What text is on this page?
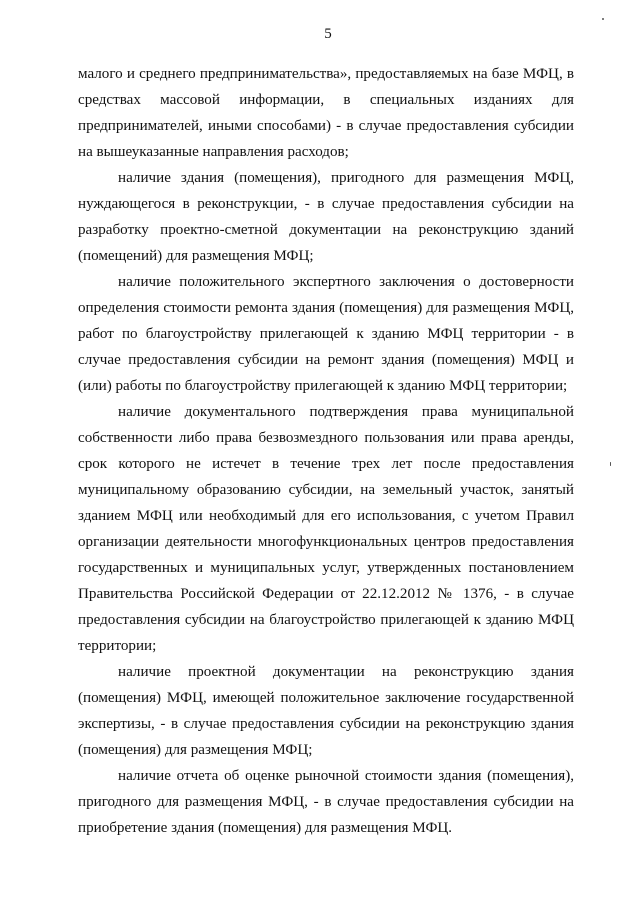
5
малого и среднего предпринимательства», предоставляемых на базе МФЦ, в
средствах массовой информации, в специальных изданиях для
предпринимателей, иными способами) - в случае предоставления субсидии
на вышеуказанные направления расходов;
наличие здания (помещения), пригодного для размещения МФЦ,
нуждающегося в реконструкции, - в случае предоставления субсидии на
разработку проектно-сметной документации на реконструкцию зданий
(помещений) для размещения МФЦ;
наличие положительного экспертного заключения о достоверности
определения стоимости ремонта здания (помещения) для размещения МФЦ,
работ по благоустройству прилегающей к зданию МФЦ территории - в
случае предоставления субсидии на ремонт здания (помещения) МФЦ и
(или) работы по благоустройству прилегающей к зданию МФЦ территории;
наличие документального подтверждения права муниципальной
собственности либо права безвозмездного пользования или права аренды,
срок которого не истечет в течение трех лет после предоставления
муниципальному образованию субсидии, на земельный участок, занятый
зданием МФЦ или необходимый для его использования, с учетом Правил
организации деятельности многофункциональных центров предоставления
государственных и муниципальных услуг, утвержденных постановлением
Правительства Российской Федерации от 22.12.2012 № 1376, - в случае
предоставления субсидии на благоустройство прилегающей к зданию МФЦ
территории;
наличие проектной документации на реконструкцию здания
(помещения) МФЦ, имеющей положительное заключение государственной
экспертизы, - в случае предоставления субсидии на реконструкцию здания
(помещения) для размещения МФЦ;
наличие отчета об оценке рыночной стоимости здания (помещения),
пригодного для размещения МФЦ, - в случае предоставления субсидии на
приобретение здания (помещения) для размещения МФЦ.
